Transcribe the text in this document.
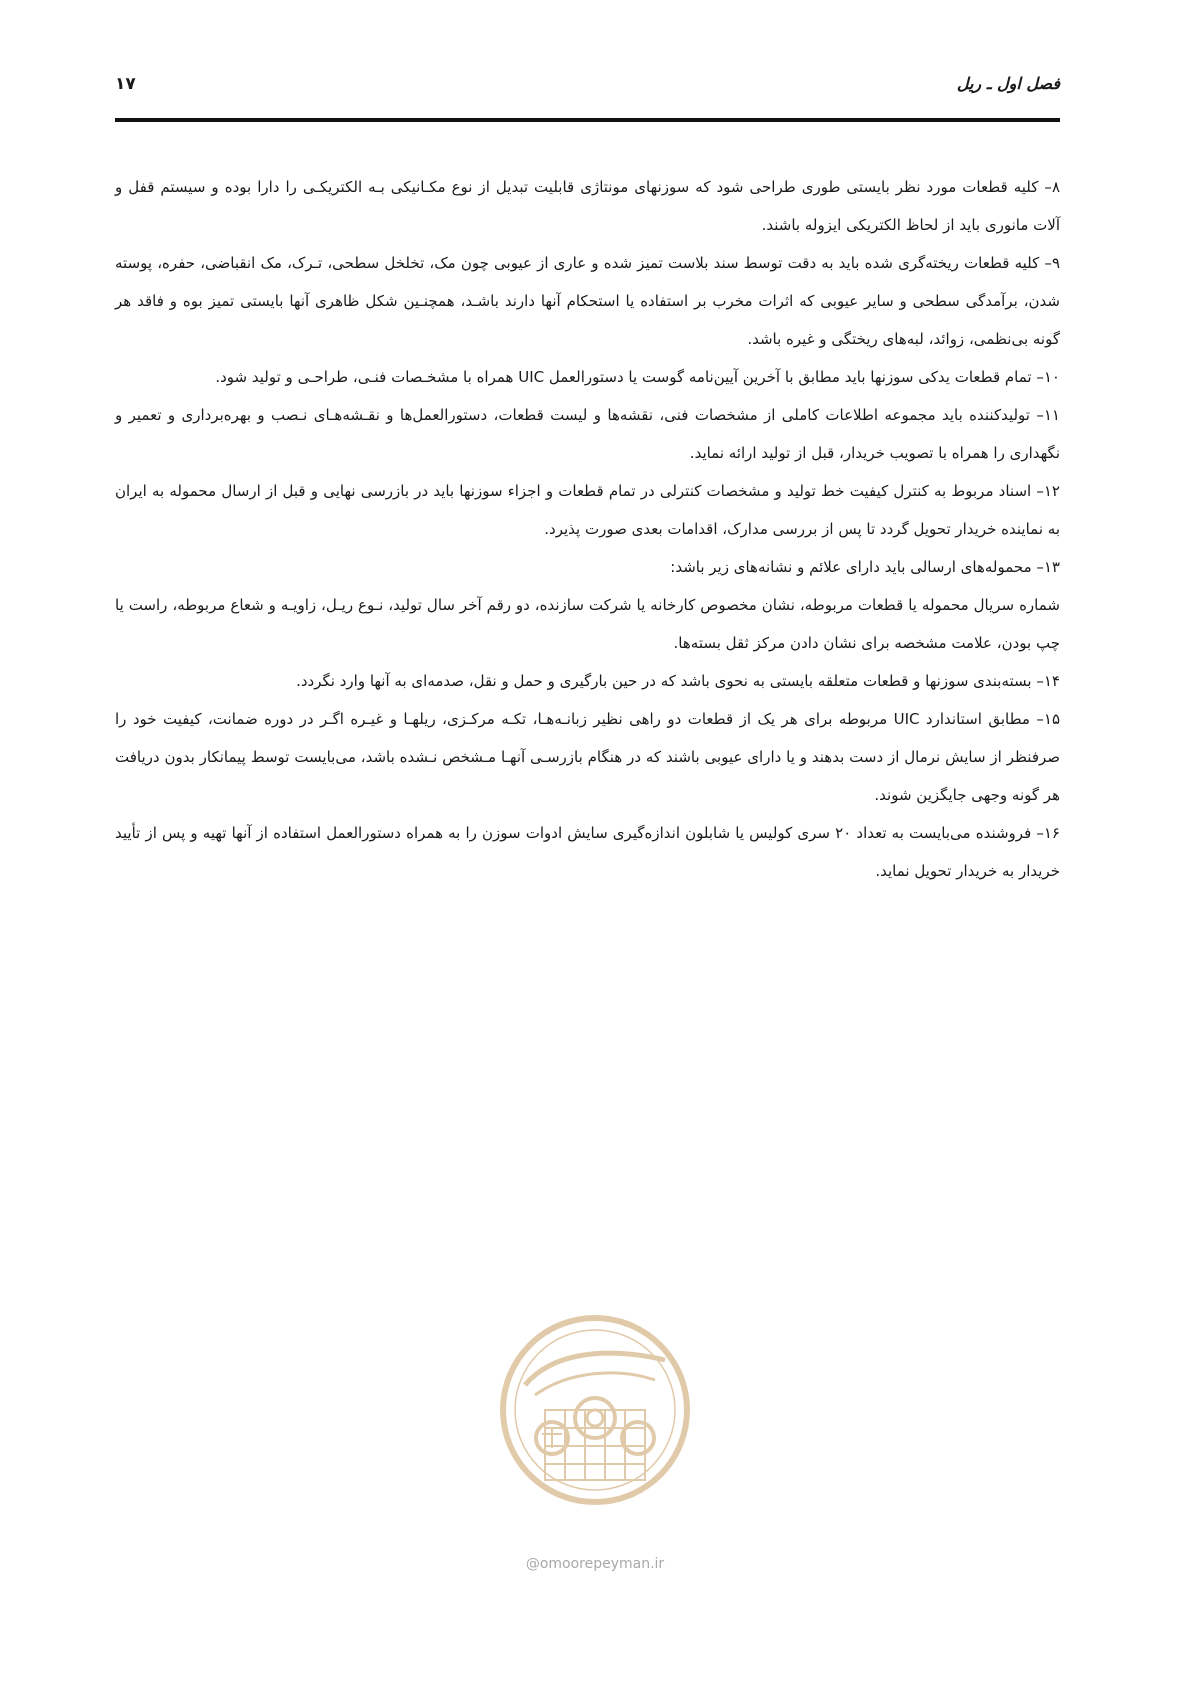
۱۷	فصل اول ـ ریل

۸– کلیه قطعات مورد نظر بایستی طوری طراحی شود که سوزنهای مونتاژی قابلیت تبدیل از نوع مکـانیکی بـه الکتریکـی را دارا بوده و سیستم قفل و آلات مانوری باید از لحاظ الکتریکی ایزوله باشند.

۹– کلیه قطعات ریخته‌گری شده باید به دقت توسط سند بلاست تمیز شده و عاری از عیوبی چون مک، تخلخل سطحی، تـرک، مک انقباضی، حفره، پوسته شدن، برآمدگی سطحی و سایر عیوبی که اثرات مخرب بر استفاده یا استحکام آنها دارند باشـد، همچنـین شکل ظاهری آنها بایستی تمیز بوه و فاقد هر گونه بی‌نظمی، زوائد، لبه‌های ریختگی و غیره باشد.

۱۰– تمام قطعات یدکی سوزنها باید مطابق با آخرین آیین‌نامه گوست یا دستورالعمل UIC همراه با مشخـصات فنـی، طراحـی و تولید شود.

۱۱– تولیدکننده باید مجموعه اطلاعات کاملی از مشخصات فنی، نقشه‌ها و لیست قطعات، دستورالعمل‌ها و نقـشه‌هـای نـصب و بهره‌برداری و تعمیر و نگهداری را همراه با تصویب خریدار، قبل از تولید ارائه نماید.

۱۲– اسناد مربوط به کنترل کیفیت خط تولید و مشخصات کنترلی در تمام قطعات و اجزاء سوزنها باید در بازرسی نهایی و قبل از ارسال محموله به ایران به نماینده خریدار تحویل گردد تا پس از بررسی مدارک، اقدامات بعدی صورت پذیرد.

۱۳– محموله‌های ارسالی باید دارای علائم و نشانه‌های زیر باشد:

شماره سریال محموله یا قطعات مربوطه، نشان مخصوص کارخانه یا شرکت سازنده، دو رقم آخر سال تولید، نـوع ریـل، زاویـه و شعاع مربوطه، راست یا چپ بودن، علامت مشخصه برای نشان دادن مرکز ثقل بسته‌ها.

۱۴– بسته‌بندی سوزنها و قطعات متعلقه بایستی به نحوی باشد که در حین بارگیری و حمل و نقل، صدمه‌ای به آنها وارد نگردد.

۱۵– مطابق استاندارد UIC مربوطه برای هر یک از قطعات دو راهی نظیر زبانـه‌هـا، تکـه مرکـزی، ریلهـا و غیـره اگـر در دوره ضمانت، کیفیت خود را صرفنظر از سایش نرمال از دست بدهند و یا دارای عیوبی باشند که در هنگام بازرسـی آنهـا مـشخص نـشده باشد، می‌بایست توسط پیمانکار بدون دریافت هر گونه وجهی جایگزین شوند.

۱۶– فروشنده می‌بایست به تعداد ۲۰ سری کولیس یا شابلون اندازه‌گیری سایش ادوات سوزن را به همراه دستورالعمل استفاده از آنها تهیه و پس از تأیید خریدار به خریدار تحویل نماید.

@omoorepeyman.ir
